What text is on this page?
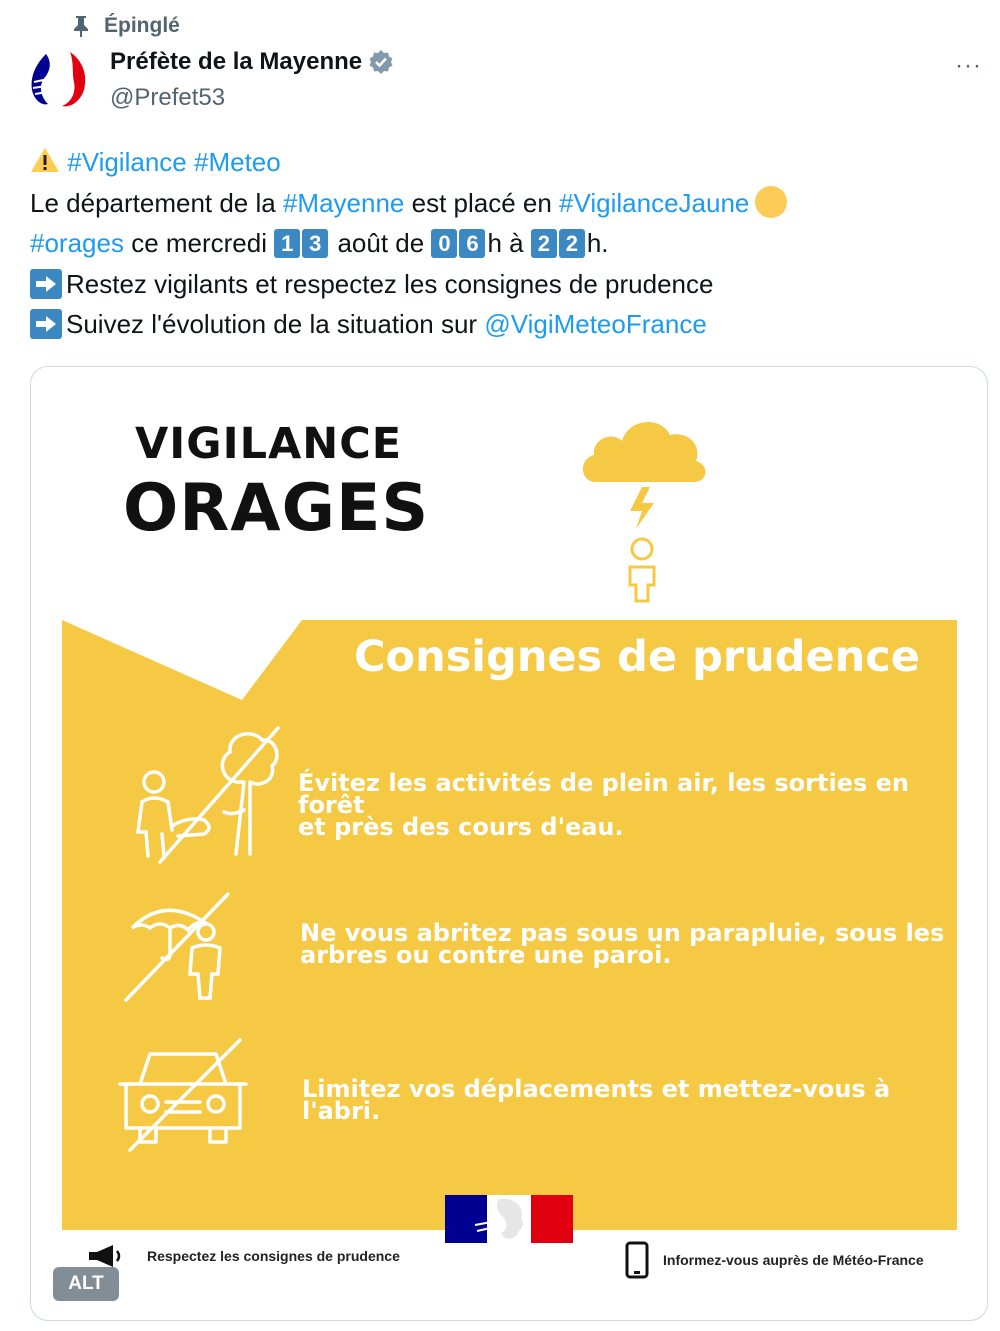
Épinglé
Préfète de la Mayenne
@Prefet53
···
#Vigilance #Meteo
Le département de la #Mayenne est placé en #VigilanceJaune
#orages ce mercredi 1 3 août de 0 6 h à 2 2 h.
Restez vigilants et respectez les consignes de prudence
Suivez l'évolution de la situation sur @VigiMeteoFrance
VIGILANCE
ORAGES
Consignes de prudence
Évitez les activités de plein air, les sorties en forêt
et près des cours d'eau.
Ne vous abritez pas sous un parapluie, sous les
arbres ou contre une paroi.
Limitez vos déplacements et mettez-vous à l'abri.
Respectez les consignes de prudence	Informez-vous auprès de Météo-France
ALT
